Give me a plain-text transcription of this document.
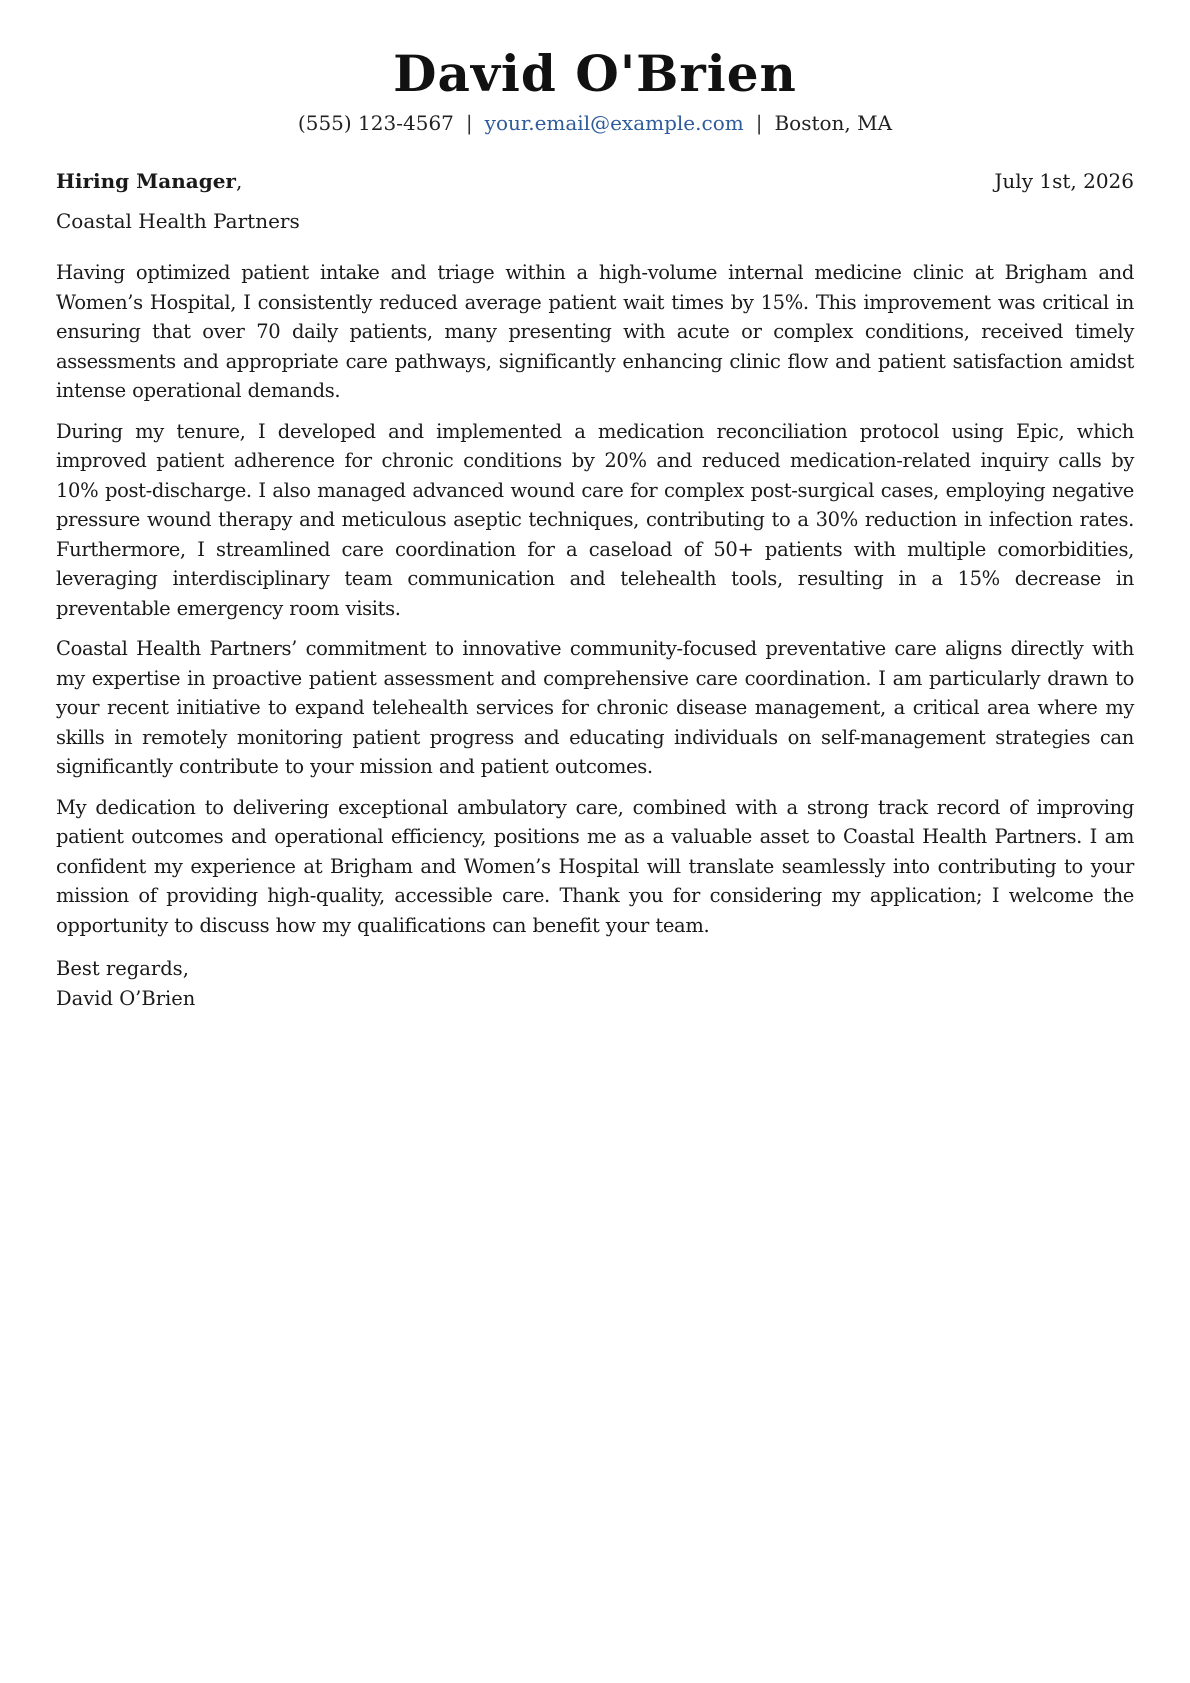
David O'Brien
(555) 123-4567 | your.email@example.com | Boston, MA
Hiring Manager,	July 1st, 2026
Coastal Health Partners

Having optimized patient intake and triage within a high-volume internal medicine clinic at Brigham and Women’s Hospital, I consistently reduced average patient wait times by 15%. This improvement was critical in ensuring that over 70 daily patients, many presenting with acute or complex conditions, received timely assessments and appropriate care pathways, significantly enhancing clinic flow and patient satisfaction amidst intense operational demands.

During my tenure, I developed and implemented a medication reconciliation protocol using Epic, which improved patient adherence for chronic conditions by 20% and reduced medication-related inquiry calls by 10% post-discharge. I also managed advanced wound care for complex post-surgical cases, employing negative pressure wound therapy and meticulous aseptic techniques, contributing to a 30% reduction in infection rates. Furthermore, I streamlined care coordination for a caseload of 50+ patients with multiple comorbidities, leveraging interdisciplinary team communication and telehealth tools, resulting in a 15% decrease in preventable emergency room visits.

Coastal Health Partners’ commitment to innovative community-focused preventative care aligns directly with my expertise in proactive patient assessment and comprehensive care coordination. I am particularly drawn to your recent initiative to expand telehealth services for chronic disease management, a critical area where my skills in remotely monitoring patient progress and educating individuals on self-management strategies can significantly contribute to your mission and patient outcomes.

My dedication to delivering exceptional ambulatory care, combined with a strong track record of improving patient outcomes and operational efficiency, positions me as a valuable asset to Coastal Health Partners. I am confident my experience at Brigham and Women’s Hospital will translate seamlessly into contributing to your mission of providing high-quality, accessible care. Thank you for considering my application; I welcome the opportunity to discuss how my qualifications can benefit your team.

Best regards,
David O’Brien
